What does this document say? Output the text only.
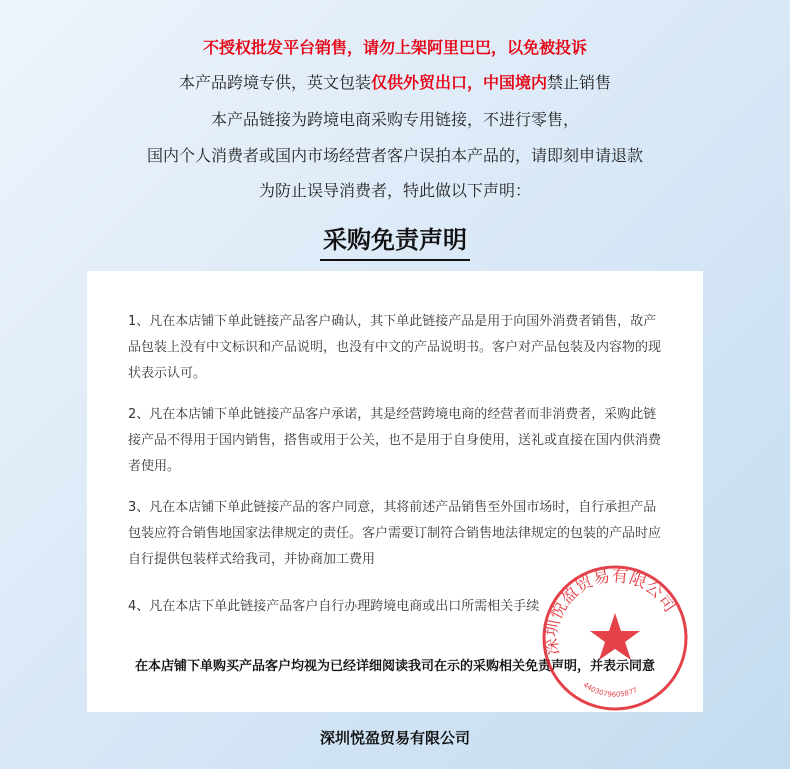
不授权批发平台销售，请勿上架阿里巴巴，以免被投诉
本产品跨境专供，英文包装仅供外贸出口，中国境内禁止销售
本产品链接为跨境电商采购专用链接，不进行零售，
国内个人消费者或国内市场经营者客户误拍本产品的，请即刻申请退款
为防止误导消费者，特此做以下声明：
采购免责声明
1、凡在本店铺下单此链接产品客户确认，其下单此链接产品是用于向国外消费者销售，故产品包装上没有中文标识和产品说明，也没有中文的产品说明书。客户对产品包装及内容物的现状表示认可。
2、凡在本店铺下单此链接产品客户承诺，其是经营跨境电商的经营者而非消费者，采购此链接产品不得用于国内销售，搭售或用于公关，也不是用于自身使用，送礼或直接在国内供消费者使用。
3、凡在本店铺下单此链接产品的客户同意，其将前述产品销售至外国市场时，自行承担产品包装应符合销售地国家法律规定的责任。客户需要订制符合销售地法律规定的包装的产品时应自行提供包装样式给我司，并协商加工费用
4、凡在本店下单此链接产品客户自行办理跨境电商或出口所需相关手续
在本店铺下单购买产品客户均视为已经详细阅读我司在示的采购相关免责声明，并表示同意
深圳悦盈贸易有限公司
4403079605877
深圳悦盈贸易有限公司
